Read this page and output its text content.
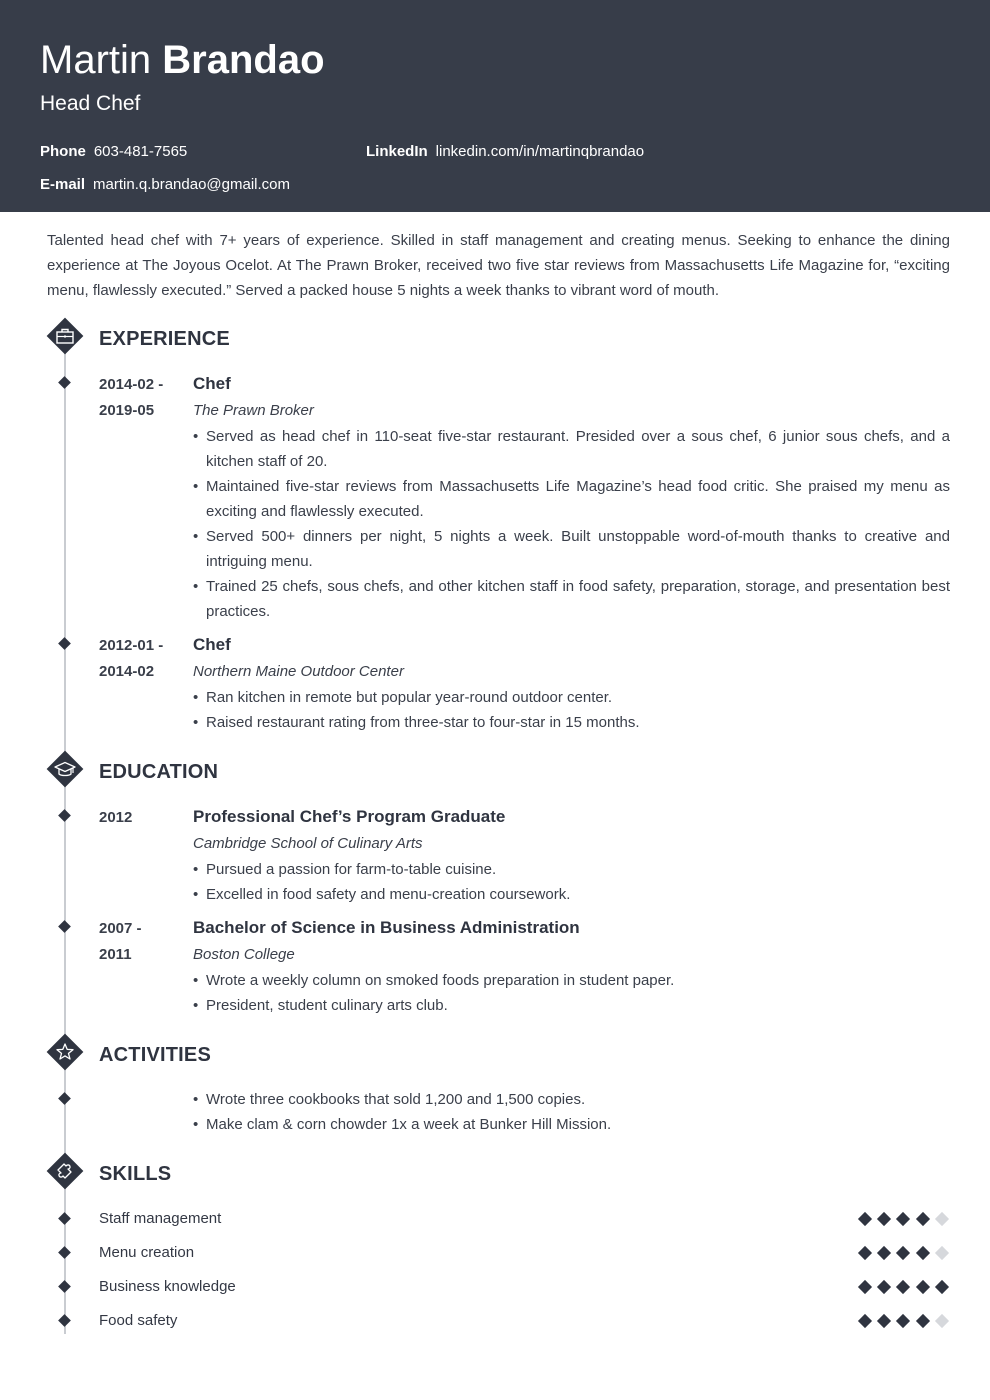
Martin Brandao
Head Chef
Phone 603-481-7565	LinkedIn linkedin.com/in/martinqbrandao
E-mail martin.q.brandao@gmail.com
Talented head chef with 7+ years of experience. Skilled in staff management and creating menus. Seeking to enhance the dining experience at The Joyous Ocelot. At The Prawn Broker, received two five star reviews from Massachusetts Life Magazine for, “exciting menu, flawlessly executed.” Served a packed house 5 nights a week thanks to vibrant word of mouth.
EXPERIENCE
2014-02 -
2019-05
Chef
The Prawn Broker
• Served as head chef in 110-seat five-star restaurant. Presided over a sous chef, 6 junior sous chefs, and a kitchen staff of 20.
• Maintained five-star reviews from Massachusetts Life Magazine’s head food critic. She praised my menu as exciting and flawlessly executed.
• Served 500+ dinners per night, 5 nights a week. Built unstoppable word-of-mouth thanks to creative and intriguing menu.
• Trained 25 chefs, sous chefs, and other kitchen staff in food safety, preparation, storage, and presentation best practices.
2012-01 -
2014-02
Chef
Northern Maine Outdoor Center
• Ran kitchen in remote but popular year-round outdoor center.
• Raised restaurant rating from three-star to four-star in 15 months.
EDUCATION
2012	Professional Chef’s Program Graduate
Cambridge School of Culinary Arts
• Pursued a passion for farm-to-table cuisine.
• Excelled in food safety and menu-creation coursework.
2007 -
2011
Bachelor of Science in Business Administration
Boston College
• Wrote a weekly column on smoked foods preparation in student paper.
• President, student culinary arts club.
ACTIVITIES
• Wrote three cookbooks that sold 1,200 and 1,500 copies.
• Make clam & corn chowder 1x a week at Bunker Hill Mission.
SKILLS
Staff management
Menu creation
Business knowledge
Food safety
